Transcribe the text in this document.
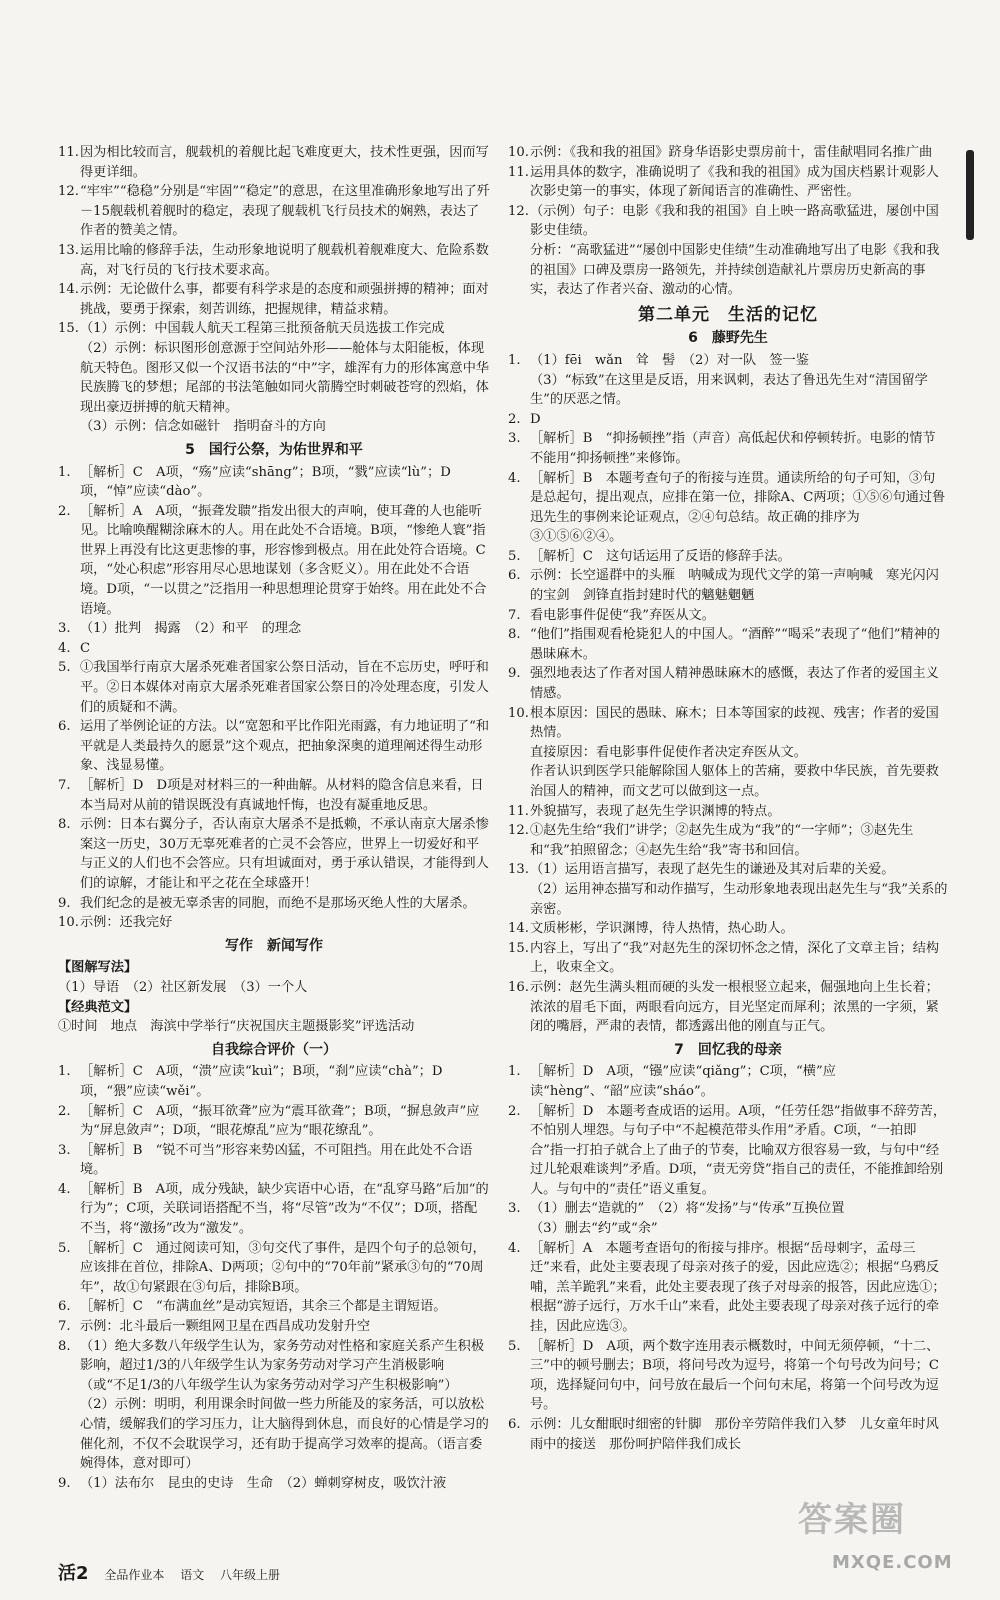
11.因为相比较而言，舰载机的着舰比起飞难度更大，技术性更强，因而写得更详细。

12.“牢牢”“稳稳”分别是“牢固”“稳定”的意思，在这里准确形象地写出了歼－15舰载机着舰时的稳定，表现了舰载机飞行员技术的娴熟，表达了作者的赞美之情。

13.运用比喻的修辞手法，生动形象地说明了舰载机着舰难度大、危险系数高，对飞行员的飞行技术要求高。

14.示例：无论做什么事，都要有科学求是的态度和顽强拼搏的精神；面对挑战，要勇于探索，刻苦训练，把握规律，精益求精。

15.（1）示例：中国载人航天工程第三批预备航天员选拔工作完成

（2）示例：标识图形创意源于空间站外形——舱体与太阳能板，体现航天特色。图形又似一个汉语书法的“中”字，雄浑有力的形体寓意中华民族腾飞的梦想；尾部的书法笔触如同火箭腾空时刺破苍穹的烈焰，体现出豪迈拼搏的航天精神。

（3）示例：信念如磁针　指明奋斗的方向

5　国行公祭，为佑世界和平

1. ［解析］C　A项，“殇”应读“shāng”；B项，“戮”应读“lù”；D项，“悼”应读“dào”。

2. ［解析］A　A项，“振聋发聩”指发出很大的声响，使耳聋的人也能听见。比喻唤醒糊涂麻木的人。用在此处不合语境。B项，“惨绝人寰”指世界上再没有比这更悲惨的事，形容惨到极点。用在此处符合语境。C项，“处心积虑”形容用尽心思地谋划（多含贬义）。用在此处不合语境。D项，“一以贯之”泛指用一种思想理论贯穿于始终。用在此处不合语境。

3. （1）批判　揭露　（2）和平　的理念

4. C

5. ①我国举行南京大屠杀死难者国家公祭日活动，旨在不忘历史，呼吁和平。②日本媒体对南京大屠杀死难者国家公祭日的冷处理态度，引发人们的质疑和不满。

6. 运用了举例论证的方法。以“宽恕和平比作阳光雨露，有力地证明了“和平就是人类最持久的愿景”这个观点，把抽象深奥的道理阐述得生动形象、浅显易懂。

7. ［解析］D　D项是对材料三的一种曲解。从材料的隐含信息来看，日本当局对从前的错误既没有真诚地忏悔，也没有凝重地反思。

8. 示例：日本右翼分子，否认南京大屠杀不是抵赖，不承认南京大屠杀惨案这一历史，30万无辜死难者的亡灵不会答应，世界上一切爱好和平与正义的人们也不会答应。只有坦诚面对，勇于承认错误，才能得到人们的谅解，才能让和平之花在全球盛开！

9. 我们纪念的是被无辜杀害的同胞，而绝不是那场灭绝人性的大屠杀。

10.示例：还我完好

写作　新闻写作

【图解写法】

（1）导语　（2）社区新发展　（3）一个人

【经典范文】

①时间　地点　海滨中学举行“庆祝国庆主题摄影奖”评选活动

自我综合评价（一）

1. ［解析］C　A项，“溃”应读“kuì”；B项，“刹”应读“chà”；D项，“猥”应读“wěi”。

2. ［解析］C　A项，“振耳欲聋”应为“震耳欲聋”；B项，“摒息敛声”应为“屏息敛声”；D项，“眼花燎乱”应为“眼花缭乱”。

3. ［解析］B　“锐不可当”形容来势凶猛，不可阻挡。用在此处不合语境。

4. ［解析］B　A项，成分残缺，缺少宾语中心语，在“乱穿马路”后加“的行为”；C项，关联词语搭配不当，将“尽管”改为“不仅”；D项，搭配不当，将“激扬”改为“激发”。

5. ［解析］C　通过阅读可知，③句交代了事件，是四个句子的总领句，应该排在首位，排除A、D两项；②句中的“70年前”紧承③句的“70周年”，故①句紧跟在③句后，排除B项。

6. ［解析］C　“布满血丝”是动宾短语，其余三个都是主谓短语。

7. 示例：北斗最后一颗组网卫星在西昌成功发射升空

8. （1）绝大多数八年级学生认为，家务劳动对性格和家庭关系产生积极影响，超过1/3的八年级学生认为家务劳动对学习产生消极影响（或“不足1/3的八年级学生认为家务劳动对学习产生积极影响”）

（2）示例：明明，利用课余时间做一些力所能及的家务活，可以放松心情，缓解我们的学习压力，让大脑得到休息，而良好的心情是学习的催化剂，不仅不会耽误学习，还有助于提高学习效率的提高。（语言委婉得体，意对即可）

9. （1）法布尔　昆虫的史诗　生命　（2）蝉刺穿树皮，吸饮汁液

10.示例：《我和我的祖国》跻身华语影史票房前十，雷佳献唱同名推广曲

11.运用具体的数字，准确说明了《我和我的祖国》成为国庆档累计观影人次影史第一的事实，体现了新闻语言的准确性、严密性。

12.（示例）句子：电影《我和我的祖国》自上映一路高歌猛进，屡创中国影史佳绩。

分析：“高歌猛进”“屡创中国影史佳绩”生动准确地写出了电影《我和我的祖国》口碑及票房一路领先，并持续创造献礼片票房历史新高的事实，表达了作者兴奋、激动的心情。

第二单元　生活的记忆

6　藤野先生

1. （1）fēi　wǎn　耸　髻　（2）对一队　签一鉴

（3）“标致”在这里是反语，用来讽刺，表达了鲁迅先生对“清国留学生”的厌恶之情。

2. D

3. ［解析］B　“抑扬顿挫”指（声音）高低起伏和停顿转折。电影的情节不能用“抑扬顿挫”来修饰。

4. ［解析］B　本题考查句子的衔接与连贯。通读所给的句子可知，③句是总起句，提出观点，应排在第一位，排除A、C两项；①⑤⑥句通过鲁迅先生的事例来论证观点，②④句总结。故正确的排序为③①⑤⑥②④。

5. ［解析］C　这句话运用了反语的修辞手法。

6. 示例：长空遥群中的头雁　呐喊成为现代文学的第一声响喊　寒光闪闪的宝剑　剑锋直指封建时代的魑魅魍魉

7. 看电影事件促使“我”弃医从文。

8. “他们”指围观看枪毙犯人的中国人。“酒醉”“喝采”表现了“他们”精神的愚昧麻木。

9. 强烈地表达了作者对国人精神愚昧麻木的感慨，表达了作者的爱国主义情感。

10.根本原因：国民的愚昧、麻木；日本等国家的歧视、残害；作者的爱国热情。

直接原因：看电影事件促使作者决定弃医从文。

作者认识到医学只能解除国人躯体上的苦痛，要救中华民族，首先要救治国人的精神，而文艺可以做到这一点。

11.外貌描写，表现了赵先生学识渊博的特点。

12.①赵先生给“我们”讲学；②赵先生成为“我”的“一字师”；③赵先生和“我”拍照留念；④赵先生给“我”寄书和回信。

13.（1）运用语言描写，表现了赵先生的谦逊及其对后辈的关爱。

（2）运用神态描写和动作描写，生动形象地表现出赵先生与“我”关系的亲密。

14.文质彬彬，学识渊博，待人热情，热心助人。

15.内容上，写出了“我”对赵先生的深切怀念之情，深化了文章主旨；结构上，收束全文。

16.示例：赵先生满头粗而硬的头发一根根竖立起来，倔强地向上生长着；浓浓的眉毛下面，两眼看向远方，目光坚定而犀利；浓黑的一字须，紧闭的嘴唇，严肃的表情，都透露出他的刚直与正气。

7　回忆我的母亲

1. ［解析］D　A项，“镪”应读“qiǎng”；C项，“横”应读“hèng”、“韶”应读“sháo”。

2. ［解析］D　本题考查成语的运用。A项，“任劳任怨”指做事不辞劳苦，不怕别人埋怨。与句子中“不起模范带头作用”矛盾。C项，“一拍即合”指一打拍子就合上了曲子的节奏，比喻双方很容易一致，与句中“经过儿轮艰难谈判”矛盾。D项，“责无旁贷”指自己的责任，不能推卸给别人。与句中的“责任”语义重复。

3. （1）删去“造就的”　（2）将“发扬”与“传承”互换位置

（3）删去“约”或“余”

4. ［解析］A　本题考查语句的衔接与排序。根据“岳母刺字，孟母三迁”来看，此处主要表现了母亲对孩子的爱，因此应选②；根据“乌鸦反哺，羔羊跪乳”来看，此处主要表现了孩子对母亲的报答，因此应选①；根据“游子远行，万水千山”来看，此处主要表现了母亲对孩子远行的牵挂，因此应选③。

5. ［解析］D　A项，两个数字连用表示概数时，中间无须停顿，“十二、三”中的顿号删去；B项，将问号改为逗号，将第一个句号改为问号；C项，选择疑问句中，问号放在最后一个问句末尾，将第一个问号改为逗号。

6. 示例：儿女酣眠时细密的针脚　那份辛劳陪伴我们入梦　儿女童年时风雨中的接送　那份呵护陪伴我们成长

活2 全品作业本 语文 八年级上册
答案圈
MXQE.COM
